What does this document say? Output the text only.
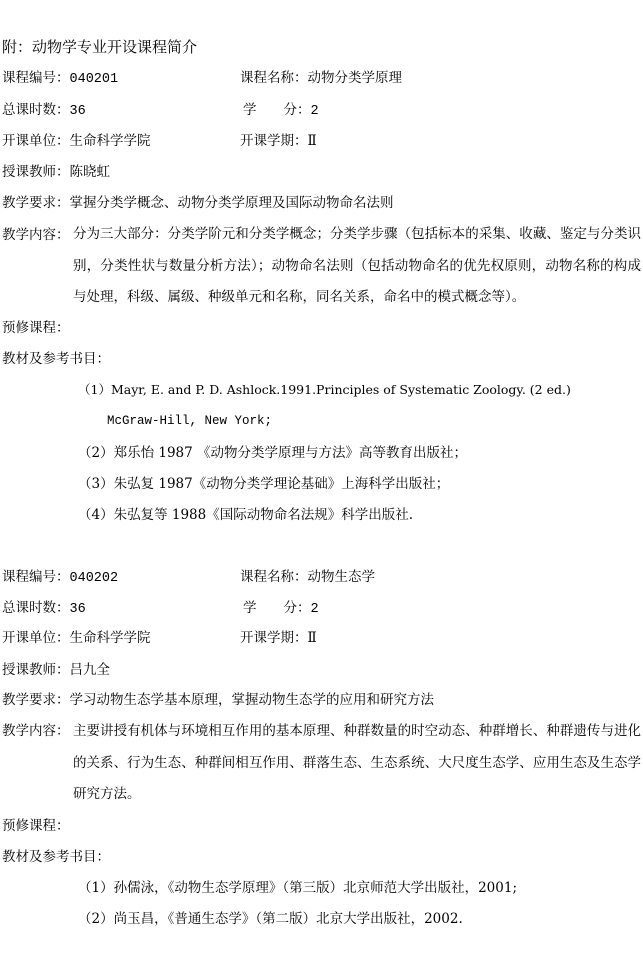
附：动物学专业开设课程简介
课程编号：040201	课程名称：动物分类学原理
总课时数：36	学　　分：2
开课单位：生命科学学院	开课学期：Ⅱ
授课教师：陈晓虹
教学要求：掌握分类学概念、动物分类学原理及国际动物命名法则
教学内容： 分为三大部分：分类学阶元和分类学概念；分类学步骤（包括标本的采集、收藏、鉴定与分类识别，分类性状与数量分析方法）；动物命名法则（包括动物命名的优先权原则，动物名称的构成与处理，科级、属级、种级单元和名称，同名关系，命名中的模式概念等）。
预修课程：
教材及参考书目：
（1）Mayr, E. and P. D. Ashlock.1991.Principles of Systematic Zoology. (2 ed.)
McGraw-Hill, New York;
（2）郑乐怡 1987 《动物分类学原理与方法》高等教育出版社；
（3）朱弘复 1987《动物分类学理论基础》上海科学出版社；
（4）朱弘复等 1988《国际动物命名法规》科学出版社.
课程编号：040202	课程名称：动物生态学
总课时数：36	学　　分：2
开课单位：生命科学学院	开课学期：Ⅱ
授课教师：吕九全
教学要求：学习动物生态学基本原理，掌握动物生态学的应用和研究方法
教学内容： 主要讲授有机体与环境相互作用的基本原理、种群数量的时空动态、种群增长、种群遗传与进化的关系、行为生态、种群间相互作用、群落生态、生态系统、大尺度生态学、应用生态及生态学研究方法。
预修课程：
教材及参考书目：
（1）孙儒泳，《动物生态学原理》（第三版）北京师范大学出版社，2001;
（2）尚玉昌，《普通生态学》（第二版）北京大学出版社，2002.
